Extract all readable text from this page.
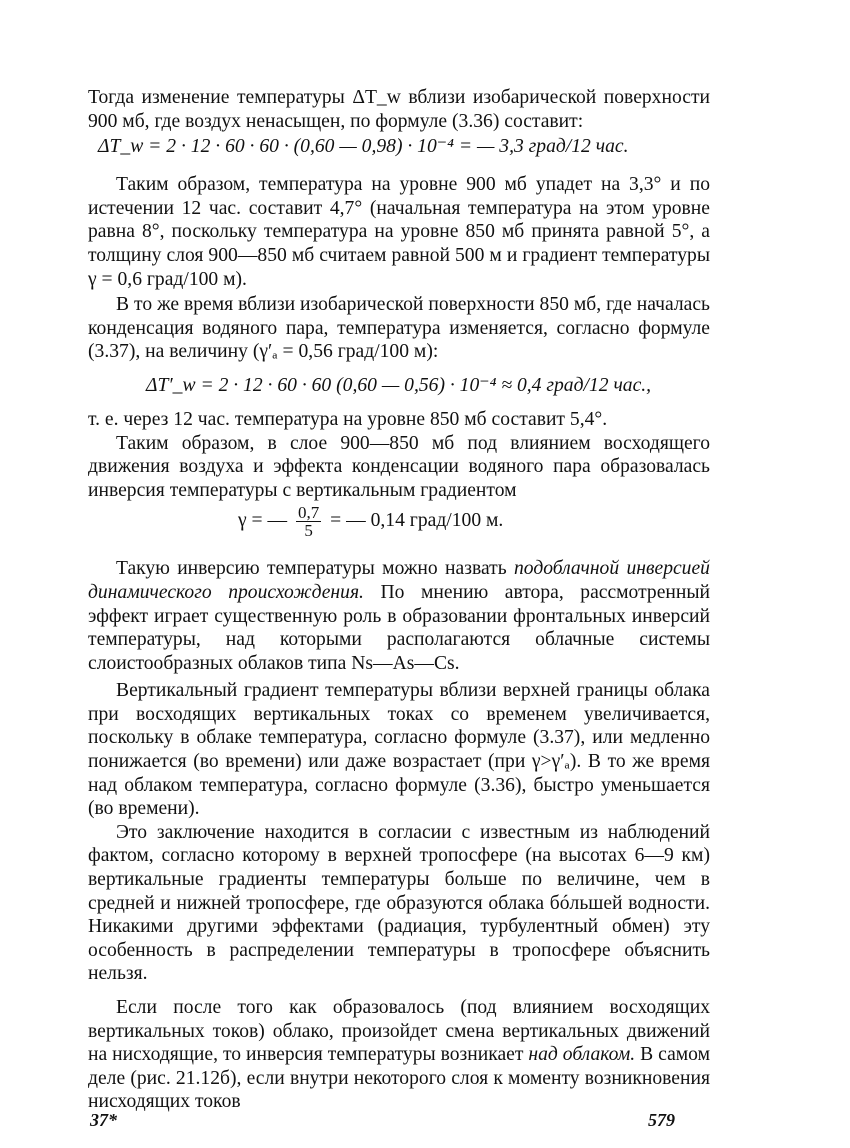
Тогда изменение температуры ΔT_w вблизи изобарической поверхности 900 мб, где воздух ненасыщен, по формуле (3.36) составит:

ΔT_w = 2 · 12 · 60 · 60 · (0,60 — 0,98) · 10⁻⁴ = — 3,3 град/12 час.

Таким образом, температура на уровне 900 мб упадет на 3,3° и по истечении 12 час. составит 4,7° (начальная температура на этом уровне равна 8°, поскольку температура на уровне 850 мб принята равной 5°, а толщину слоя 900—850 мб считаем равной 500 м и градиент температуры γ = 0,6 град/100 м).

В то же время вблизи изобарической поверхности 850 мб, где началась конденсация водяного пара, температура изменяется, согласно формуле (3.37), на величину (γ′ₐ = 0,56 град/100 м):

ΔT′_w = 2 · 12 · 60 · 60 (0,60 — 0,56) · 10⁻⁴ ≈ 0,4 град/12 час.,

т. е. через 12 час. температура на уровне 850 мб составит 5,4°.

Таким образом, в слое 900—850 мб под влиянием восходящего движения воздуха и эффекта конденсации водяного пара образовалась инверсия температуры с вертикальным градиентом

γ = — $\frac{0,7}{5}$ = — 0,14 град/100 м.

Такую инверсию температуры можно назвать подоблачной инверсией динамического происхождения. По мнению автора, рассмотренный эффект играет существенную роль в образовании фронтальных инверсий температуры, над которыми располагаются облачные системы слоистообразных облаков типа Ns—As—Cs.

Вертикальный градиент температуры вблизи верхней границы облака при восходящих вертикальных токах со временем увеличивается, поскольку в облаке температура, согласно формуле (3.37), или медленно понижается (во времени) или даже возрастает (при γ>γ′ₐ). В то же время над облаком температура, согласно формуле (3.36), быстро уменьшается (во времени).

Это заключение находится в согласии с известным из наблюдений фактом, согласно которому в верхней тропосфере (на высотах 6—9 км) вертикальные градиенты температуры больше по величине, чем в средней и нижней тропосфере, где образуются облака бóльшей водности. Никакими другими эффектами (радиация, турбулентный обмен) эту особенность в распределении температуры в тропосфере объяснить нельзя.

Если после того как образовалось (под влиянием восходящих вертикальных токов) облако, произойдет смена вертикальных движений на нисходящие, то инверсия температуры возникает над облаком. В самом деле (рис. 21.12б), если внутри некоторого слоя к моменту возникновения нисходящих токов

37*	579
